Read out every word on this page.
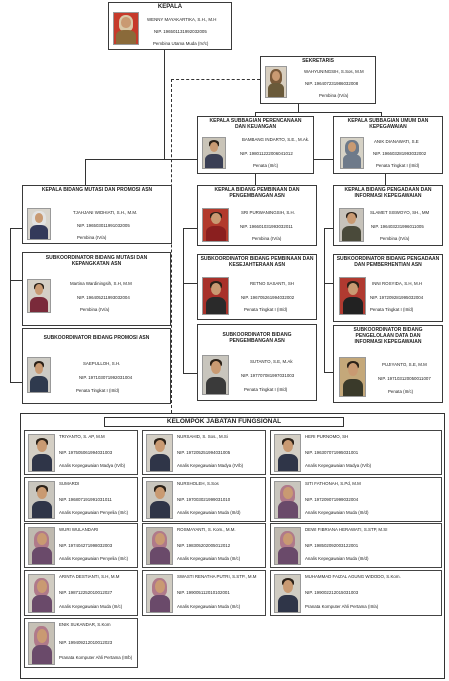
KEPALA
WENNY MAYAKARTIKA, S.H., M.H
NIP. 196501131992032005
Pembina Utama Muda (IV/c)
SEKRETARIS
WAHYUNINGSIH, S.Sos, M.M
NIP. 196407231986032008
Pembina (IV/a)
KEPALA SUBBAGIAN PERENCANAAN DAN KEUANGAN
BAMBANG INDARTO, S.E., M.Ak.
NIP. 198011222006041012
Penata (III/c)
KEPALA SUBBAGIAN UMUM DAN KEPEGAWAIAN
ANIK DIANAWATI, S.E
NIP. 196603281993032002
Penata Tingkat I (III/d)
KEPALA BIDANG MUTASI DAN PROMOSI ASN
TJAHJANI WIDHIATI, S.H., M.M.
NIP. 196503011991032005
Pembina (IV/a)
KEPALA BIDANG PEMBINAAN DAN PENGEMBANGAN ASN
SRI PURWANINGSIH, S.H.
NIP. 196601031993032011
Pembina (IV/a)
KEPALA BIDANG PENGADAAN DAN INFORMASI KEPEGAWAIAN
SLAMET SISWOYO, SH., MM
NIP. 196403231996011005
Pembina (IV/a)
SUBKOORDINATOR BIDANG MUTASI DAN KEPANGKATAN ASN
Martina Wardiningsih, S.H, M.M
NIP. 196405211993032004
Pembina (IV/a)
SUBKOORDINATOR BIDANG PROMOSI ASN
SAEPULLOH, S.H.
NIP. 197103071992031004
Penata Tingkat I (III/d)
SUBKOORDINATOR BIDANG PEMBINAAN DAN KESEJAHTERAAN ASN
RETNO SASANTI, SH
NIP. 196705261994032002
Penata Tingkat I (III/d)
SUBKOORDINATOR BIDANG PENGEMBANGAN ASN
SUTANTO, S.E, M.Ak
NIP. 197707081997031003
Penata Tingkat I (III/d)
SUBKOORDINATOR BIDANG PENGADAAN DAN PEMBERHENTIAN ASN
INNI ROSYIDA, S.H, M.H
NIP. 197209281995032004
Penata Tingkat I (III/d)
SUBKOORDINATOR BIDANG PENGELOLAAN DATA DAN INFORMASI KEPEGAWAIAN
PUJIYANTO, S.E, M.M
NIP. 197103120050011007
Penata (III/c)
KELOMPOK JABATAN FUNGSIONAL
TRIYANTO, S. AP, M.M
NIP. 197505061994031003
Analis Kepegawaian Madya (IV/b)
NURSAHID, S. Sos., M.Si
NIP. 197205251994031005
Analis Kepegawaian Madya (IV/b)
HERI PURNOMO, SH
NIP. 196307071995031001
Analis Kepegawaian Madya (IV/b)
SUMARDI
NIP. 196807191991031011
Analis Kepegawaian Penyelia (III/c)
NURSHOLEH, S.Sos
NIP. 197003021999031010
Analis Kepegawaian Muda (III/d)
SITI FATHONAH, S.Pd, M.M
NIP. 197209071999032004
Analis Kepegawaian Muda (III/d)
WURI WULANDARI
NIP. 197404271998032003
Analis Kepegawaian Penyelia (III/c)
ROSMAYANTI, S. Kom., M.M.
NIP. 198305202005012012
Analis Kepegawaian Muda (III/c)
DEWI FIBRIANA HERAWATI, S.STP, M.SI
NIP. 198502092003122001
Analis Kepegawaian Muda (III/d)
ARINTA DESTIANTI, S.H, M.M
NIP. 198712252010012027
Analis Kepegawaian Muda (III/c)
SWASTI RENATHA PUTRI, S.STP., M.M
NIP. 199005112010102001
Analis Kepegawaian Muda (III/c)
MUHAMMAD FAIZAL AGUNG WIDODO, S.Kom.
NIP. 199002212015031003
Pranata Komputer Ahli Pertama (III/a)
ENIK SUKANDAR, S.Kom
NIP. 199409212010012023
Pranata Komputer Ahli Pertama (III/b)
